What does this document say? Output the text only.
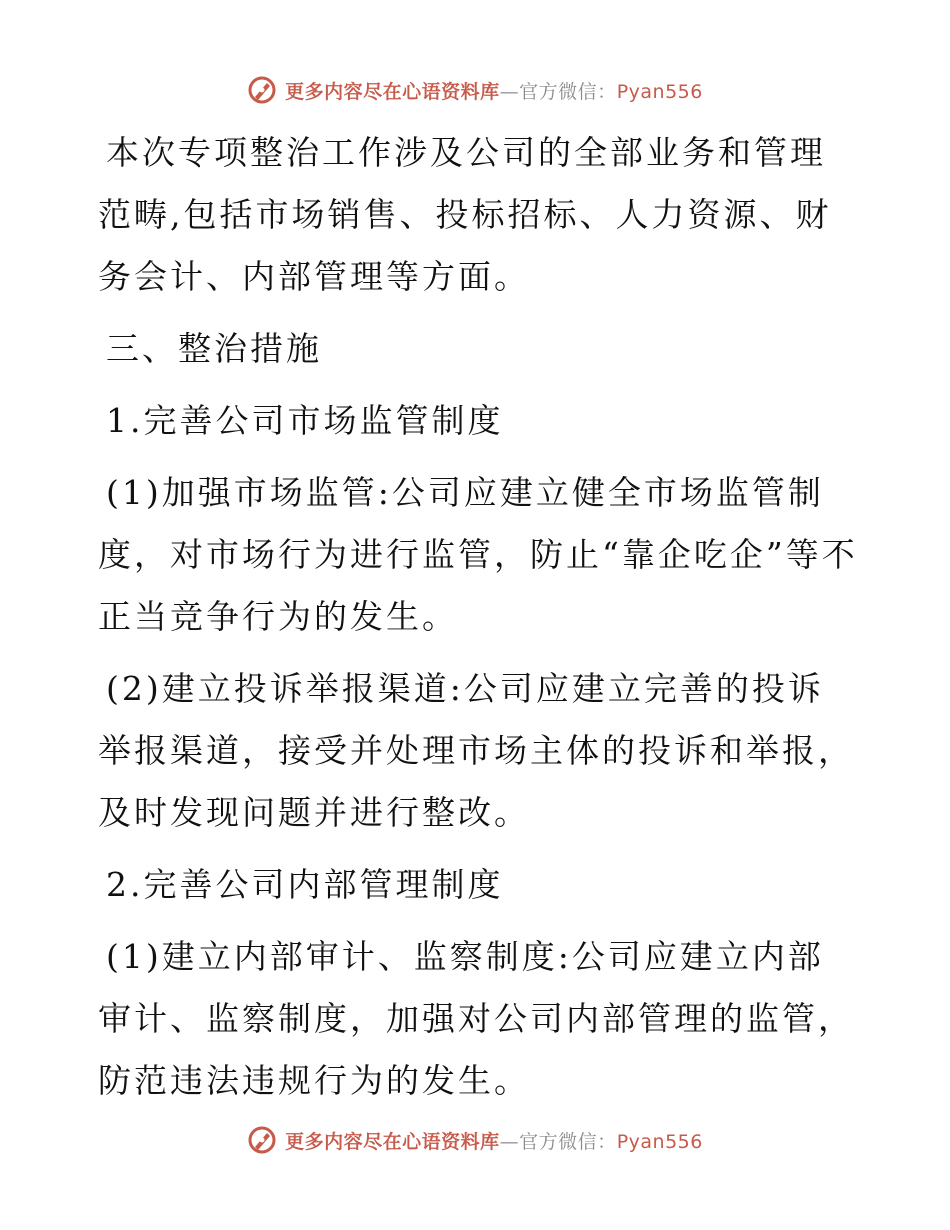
更多内容尽在心语资料库—官方微信：Pyan556

本次专项整治工作涉及公司的全部业务和管理范畴,包括市场销售、投标招标、人力资源、财务会计、内部管理等方面。

三、整治措施

1.完善公司市场监管制度

(1)加强市场监管:公司应建立健全市场监管制度，对市场行为进行监管，防止“靠企吃企”等不正当竞争行为的发生。

(2)建立投诉举报渠道:公司应建立完善的投诉举报渠道，接受并处理市场主体的投诉和举报，及时发现问题并进行整改。

2.完善公司内部管理制度

(1)建立内部审计、监察制度:公司应建立内部审计、监察制度，加强对公司内部管理的监管，防范违法违规行为的发生。

更多内容尽在心语资料库—官方微信：Pyan556
